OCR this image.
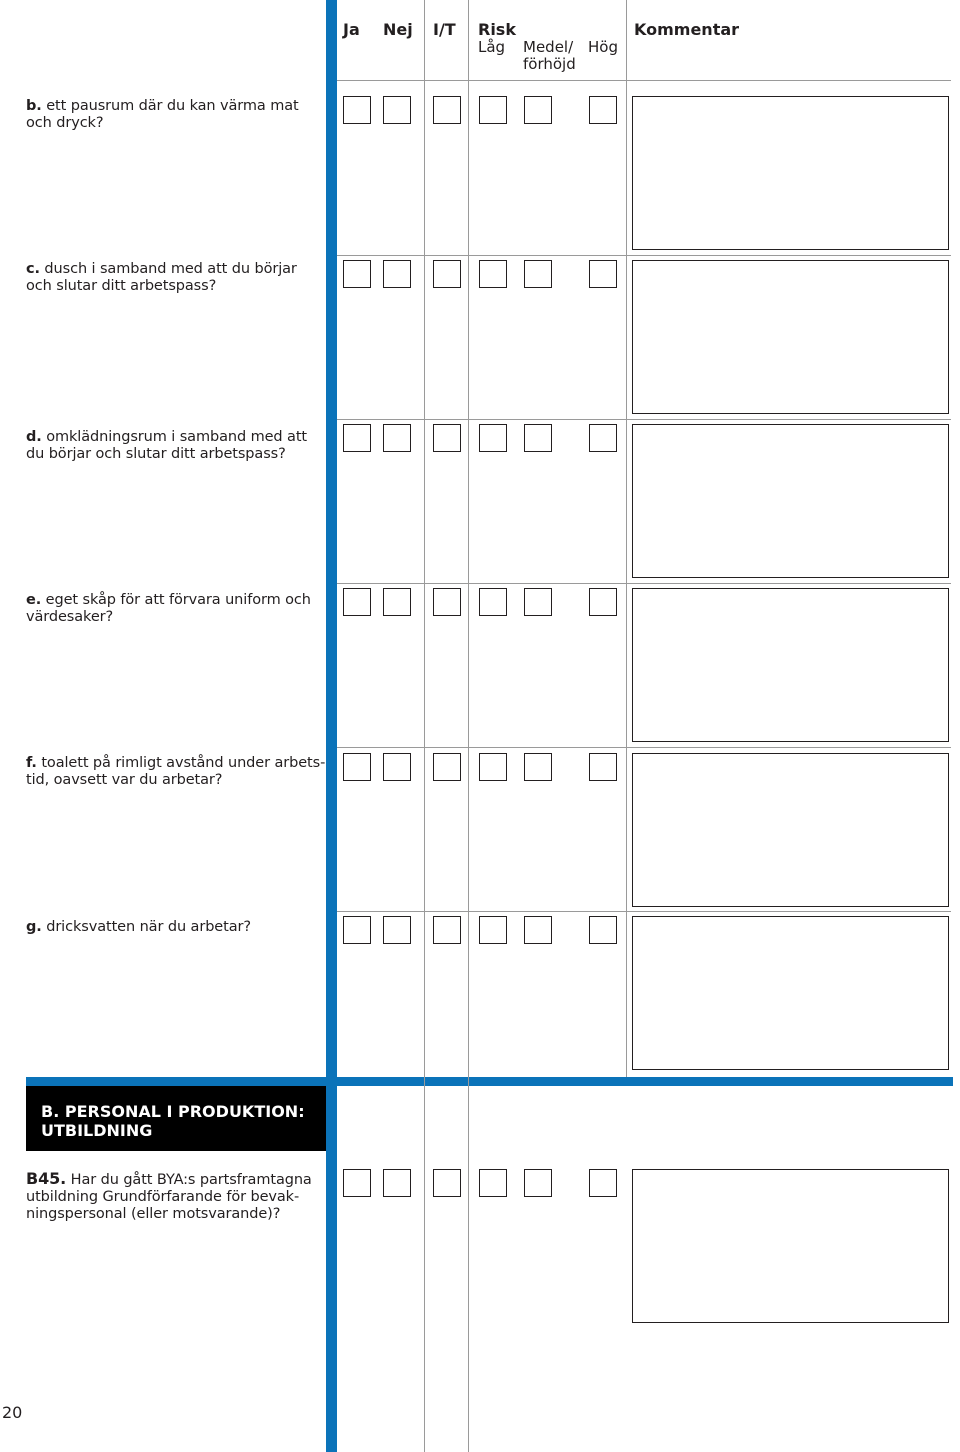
Ja Nej I/T Risk
Låg Medel/
förhöjd
Hög
Kommentar
b. ett pausrum där du kan värma mat och dryck?
c. dusch i samband med att du börjar och slutar ditt arbetspass?
d. omklädningsrum i samband med att du börjar och slutar ditt arbetspass?
e. eget skåp för att förvara uniform och värdesaker?
f. toalett på rimligt avstånd under arbets-tid, oavsett var du arbetar?
g. dricksvatten när du arbetar?
B. PERSONAL I PRODUKTION:
UTBILDNING
B45. Har du gått BYA:s partsframtagna utbildning Grundförfarande för bevak-ningspersonal (eller motsvarande)?
20
